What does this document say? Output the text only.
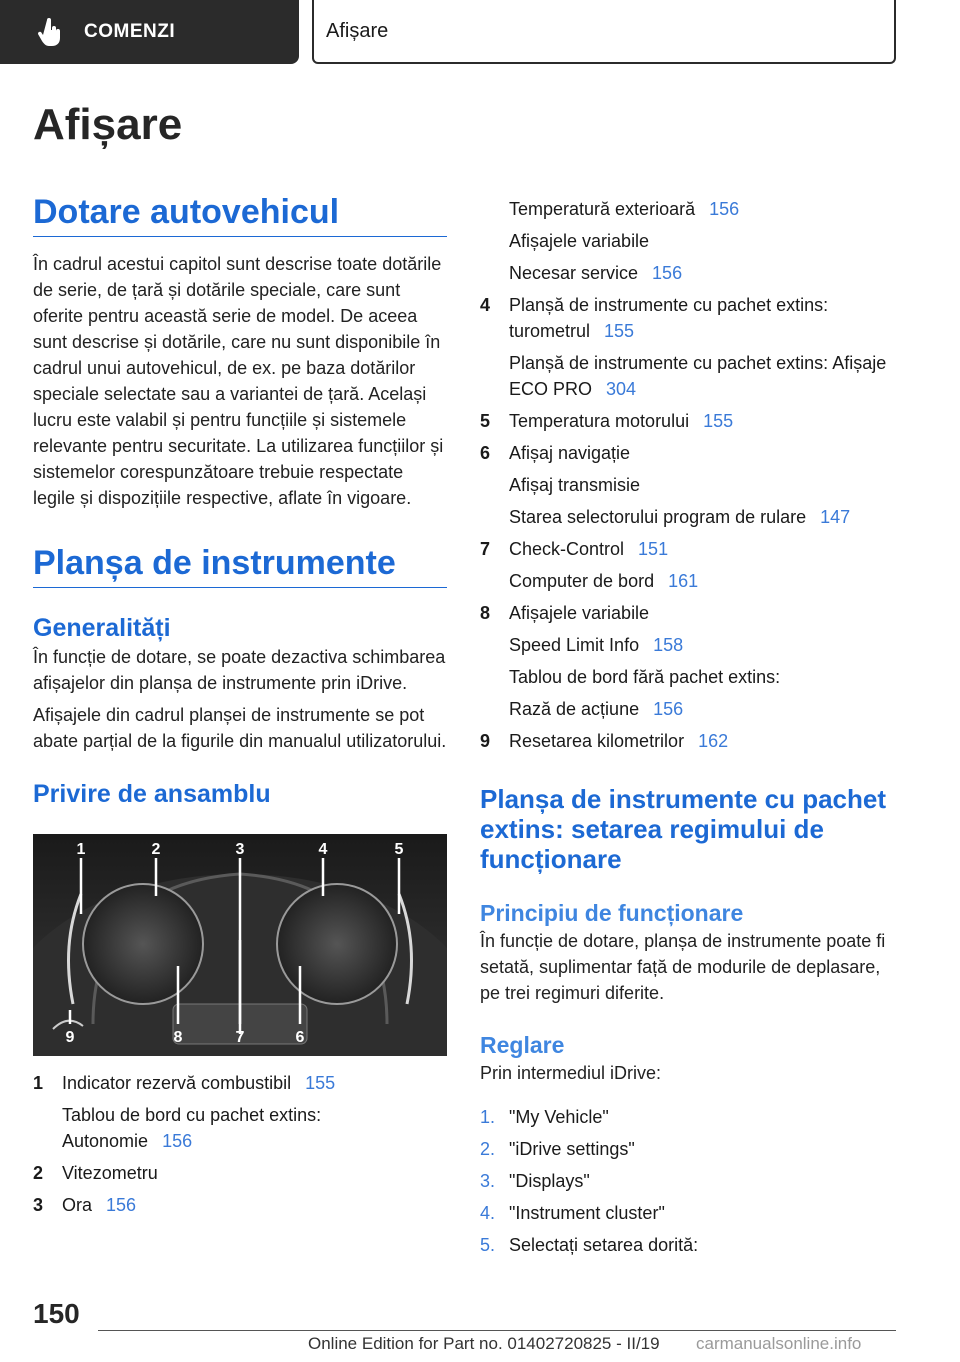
COMENZI	Afișare
Afișare
Dotare autovehicul
În cadrul acestui capitol sunt descrise toate dotările de serie, de țară și dotările speciale, care sunt oferite pentru această serie de model. De aceea sunt descrise și dotările, care nu sunt disponibile în cadrul unui autovehicul, de ex. pe baza dotărilor speciale selectate sau a variantei de țară. Același lucru este valabil și pentru funcțiile și sistemele relevante pentru securitate. La utilizarea funcțiilor și sistemelor corespunzătoare trebuie respectate legile și dispozițiile respective, aflate în vigoare.
Planșa de instrumente
Generalități
În funcție de dotare, se poate dezactiva schimbarea afișajelor din planșa de instrumente prin iDrive.
Afișajele din cadrul planșei de instrumente se pot abate parțial de la figurile din manualul utilizatorului.
Privire de ansamblu
1	2	3	4	5
9	8	7	6
1	Indicator rezervă combustibil 155
Tablou de bord cu pachet extins: Autonomie 156
2	Vitezometru
3	Ora 156
Temperatură exterioară 156
Afișajele variabile
Necesar service 156
4	Planșă de instrumente cu pachet extins: turometrul 155
Planșă de instrumente cu pachet extins: Afișaje ECO PRO 304
5	Temperatura motorului 155
6	Afișaj navigație
Afișaj transmisie
Starea selectorului program de rulare 147
7	Check-Control 151
Computer de bord 161
8	Afișajele variabile
Speed Limit Info 158
Tablou de bord fără pachet extins:
Rază de acțiune 156
9	Resetarea kilometrilor 162
Planșa de instrumente cu pachet extins: setarea regimului de funcționare
Principiu de funcționare
În funcție de dotare, planșa de instrumente poate fi setată, suplimentar față de modurile de deplasare, pe trei regimuri diferite.
Reglare
Prin intermediul iDrive:
1. "My Vehicle"
2. "iDrive settings"
3. "Displays"
4. "Instrument cluster"
5. Selectați setarea dorită:
150
Online Edition for Part no. 01402720825 - II/19 carmanualsonline.info
